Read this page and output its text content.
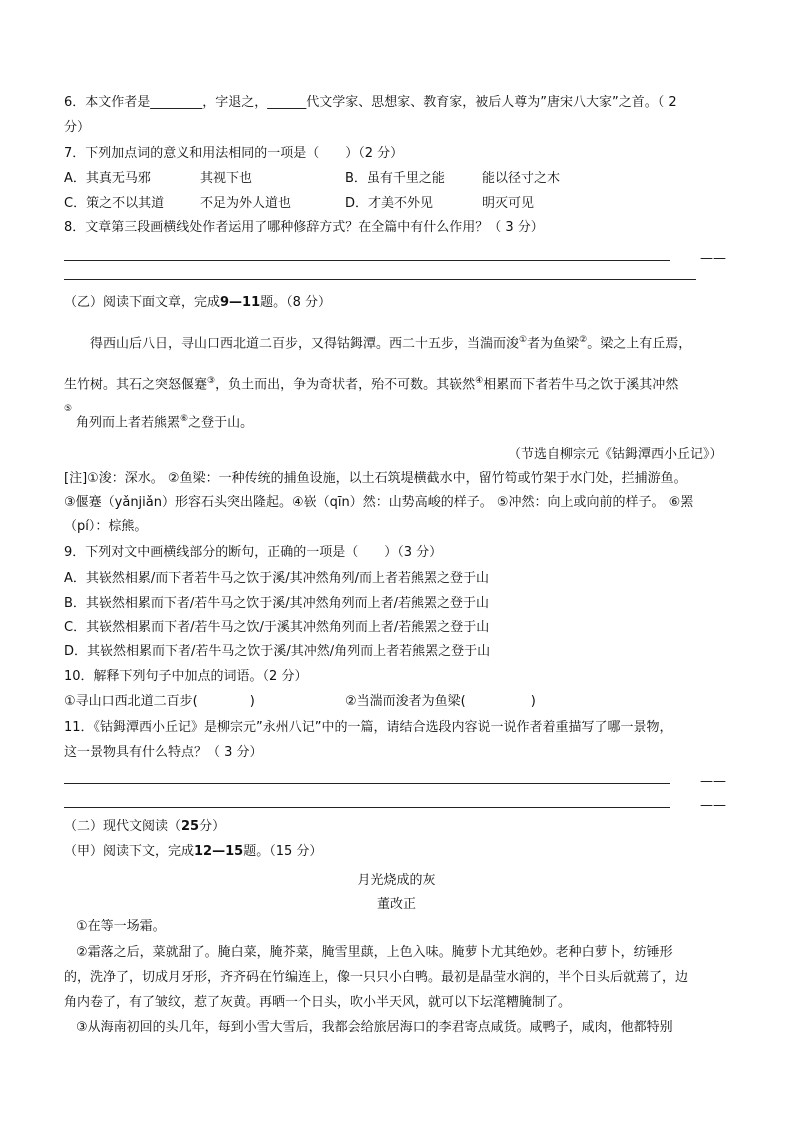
6．本文作者是________，字退之，______代文学家、思想家、教育家，被后人尊为”唐宋八大家”之首。（ 2
分）
7．下列加点词的意义和用法相同的一项是（　　）（2 分）
A．其真无马邪	其视下也	B．虽有千里之能	能以径寸之木
C．策之不以其道	不足为外人道也	D．才美不外见	明灭可见
8．文章第三段画横线处作者运用了哪种修辞方式？在全篇中有什么作用？（ 3 分）
——
（乙）阅读下面文章，完成9—11题。（8 分）
得西山后八日，寻山口西北道二百步，又得钴鉧潭。西二十五步，当湍而浚①者为鱼梁②。梁之上有丘焉，
生竹树。其石之突怒偃蹇③，负土而出，争为奇状者，殆不可数。其嵚然④相累而下者若牛马之饮于溪其冲然
⑤
角列而上者若熊罴⑥之登于山。
（节选自柳宗元《钴鉧潭西小丘记》）
[注]①浚：深水。 ②鱼梁：一种传统的捕鱼设施，以土石筑堤横截水中，留竹笱或竹架于水门处，拦捕游鱼。
③偃蹇（yǎnjiǎn）形容石头突出隆起。④嵚（qīn）然：山势高峻的样子。 ⑤冲然：向上或向前的样子。 ⑥罴
（pí）：棕熊。
9．下列对文中画横线部分的断句，正确的一项是（　　）（3 分）
A．其嵚然相累/而下者若牛马之饮于溪/其冲然角列/而上者若熊罴之登于山
B．其嵚然相累而下者/若牛马之饮于溪/其冲然角列而上者/若熊罴之登于山
C．其嵚然相累而下者/若牛马之饮/于溪其冲然角列而上者/若熊罴之登于山
D．其嵚然相累而下者/若牛马之饮于溪/其冲然/角列而上者若熊罴之登于山
10．解释下列句子中加点的词语。（2 分）
①寻山口西北道二百步(　　　　)	②当湍而浚者为鱼梁(　　　　　)
11．《钴鉧潭西小丘记》是柳宗元”永州八记”中的一篇，请结合选段内容说一说作者着重描写了哪一景物，
这一景物具有什么特点？（ 3 分）
——
——
（二）现代文阅读（25分）
（甲）阅读下文，完成12—15题。（15 分）
月光烧成的灰
董改正
①在等一场霜。
②霜落之后，菜就甜了。腌白菜，腌芥菜，腌雪里蕻，上色入味。腌萝卜尤其绝妙。老种白萝卜，纺锤形
的，洗净了，切成月牙形，齐齐码在竹编连上，像一只只小白鸭。最初是晶莹水润的，半个日头后就蔫了，边
角内卷了，有了皱纹，惹了灰黄。再晒一个日头，吹小半天风，就可以下坛滗糟腌制了。
③从海南初回的头几年，每到小雪大雪后，我都会给旅居海口的李君寄点咸货。咸鸭子，咸肉，他都特别
